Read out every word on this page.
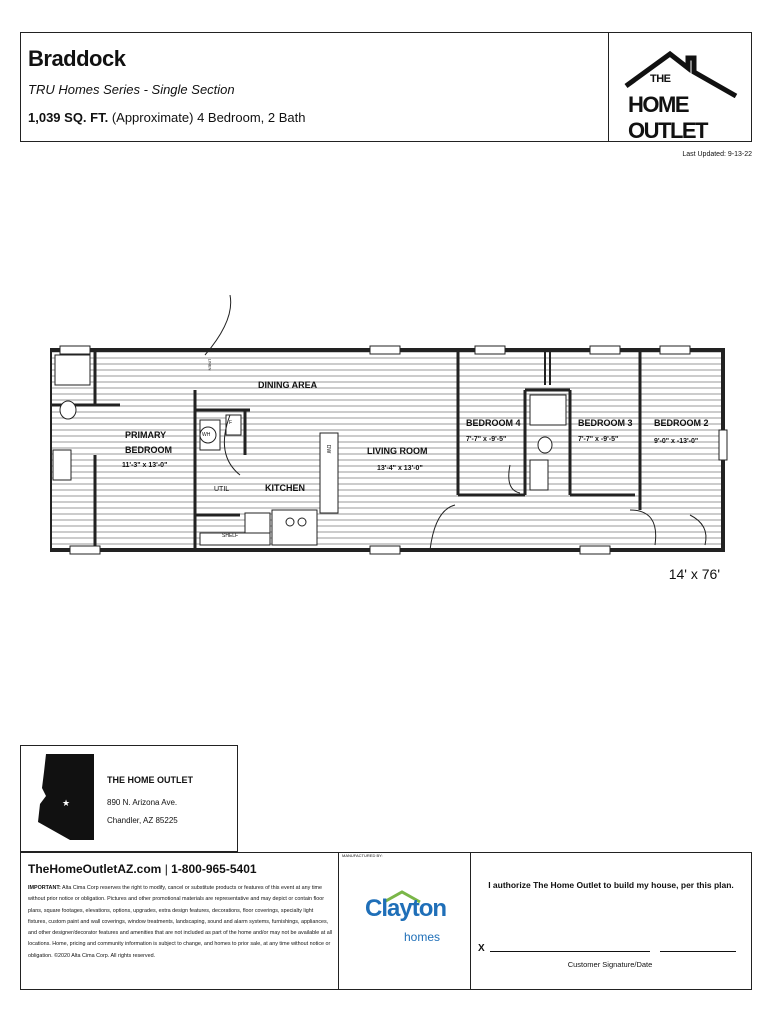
Braddock
TRU Homes Series - Single Section
1,039 SQ. FT. (Approximate) 4 Bedroom, 2 Bath
Last Updated: 9-13-22
THE
HOME OUTLET
DINING AREA
BEDROOM 4
7'-7" x -9'-5"
BEDROOM 3
7'-7" x -9'-5"
BEDROOM 2
9'-0" x -13'-0"
PRIMARY
BEDROOM
11'-3" x 13'-0"
LIVING ROOM
13'-4" x 13'-0"
KITCHEN
UTIL
SHELF
WH
F
DW
LINEN
14' x 76'
★
THE HOME OUTLET
890 N. Arizona Ave.
Chandler, AZ 85225
TheHomeOutletAZ.com | 1-800-965-5401
IMPORTANT: Alta Cima Corp reserves the right to modify, cancel or substitute products or features of this event at any time without prior notice or obligation. Pictures and other promotional materials are representative and may depict or contain floor plans, square footages, elevations, options, upgrades, extra design features, decorations, floor coverings, specialty light fixtures, custom paint and wall coverings, window treatments, landscaping, sound and alarm systems, furnishings, appliances, and other designer/decorator features and amenities that are not included as part of the home and/or may not be available at all locations. Home, pricing and community information is subject to change, and homes to prior sale, at any time without notice or obligation. ©2020 Alta Cima Corp. All rights reserved.
MANUFACTURED BY:
Clayton
homes
I authorize The Home Outlet to build my house, per this plan.
X
Customer Signature/Date
